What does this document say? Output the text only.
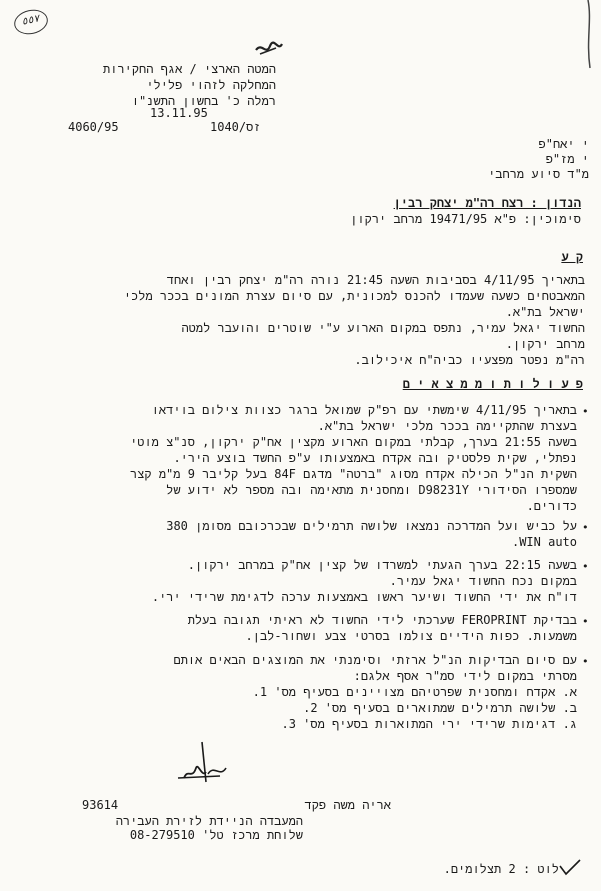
٥٥٧
המטה הארצי / אגף החקירות
המחלקה לזהוי פלילי
רמלה כ' בחשון התשנ"ו
13.11.95
4060/95	1040/זס
י יאח"פ
י מז"פ
מ"ד סיוע מרחבי
הנדון : רצח רה"מ יצחק רבין
סימוכין: פ"א 19471/95 מרחב ירקון
ק ע
בתאריך 4/11/95 בסביבות השעה 21:45 נורה רה"מ יצחק רבין ואחד
המאבטחים כשעה שעמדו להכנס למכונית, עם סיום עצרת המונים בככר מלכי
ישראל בת"א.
החשוד יגאל עמיר, נתפס במקום הארוע ע"י שוטרים והועבר למטה
מרחב ירקון.
רה"מ נפטר מפצעיו כביה"ח איכילוב.
פ ע ו ל ו ת ו מ מ צ א י ם
•
בתאריך 4/11/95 שימשתי עם רפ"ק שמואל ברגר כצוות צילום בוידאו
בעצרת שהתקיימה בככר מלכי ישראל בת"א.
בשעה 21:55 בערך, קבלתי במקום הארוע מקצין אח"ק ירקון, סנ"צ מוטי
נפתלי, שקית פלסטיק ובה אקדח באמצעותו ע"פ החשד בוצע הירי.
השקית הנ"ל הכילה אקדח מסוג "ברטה" מדגם 84F בעל קליבר 9 מ"מ קצר
שמספרו הסידורי D98231Y ומחסנית מתאימה ובה מספר לא ידוע של
כדורים.
•
על כביש ועל המדרכה נמצאו שלושה תרמילים שבכרכובם מסומן 380
WIN auto.
•
בשעה 22:15 בערך הגעתי למשרדו של קצין אח"ק במרחב ירקון.
במקום נכח החשוד יגאל עמיר.
דו"ח את ידי החשוד ושיער ראשו באמצעות ערכה לדגימת שרידי ירי.
•
בבדיקת FEROPRINT שערכתי לידי החשוד לא ראיתי תגובה בעלת
משמעות. כפות הידיים צולמו בסרטי צבע ושחור-לבן.
•
עם סיום הבדיקות הנ"ל ארזתי וסימנתי את המוצגים הבאים אותם
מסרתי במקום לידי סמ"ר אסף אלגם:
א. אקדח ומחסנית שפרטיהם מצויינים בסעיף מס' 1.
ב. שלושה תרמילים שמתוארים בסעיף מס' 2.
ג. דגימות שרידי ירי המתוארות בסעיף מס' 3.
אריה משה פקד
93614
המעבדה הניידת לזירת העבירה
שלוחת מרכז טל' 08-279510
לוט : 2 תצלומים.
